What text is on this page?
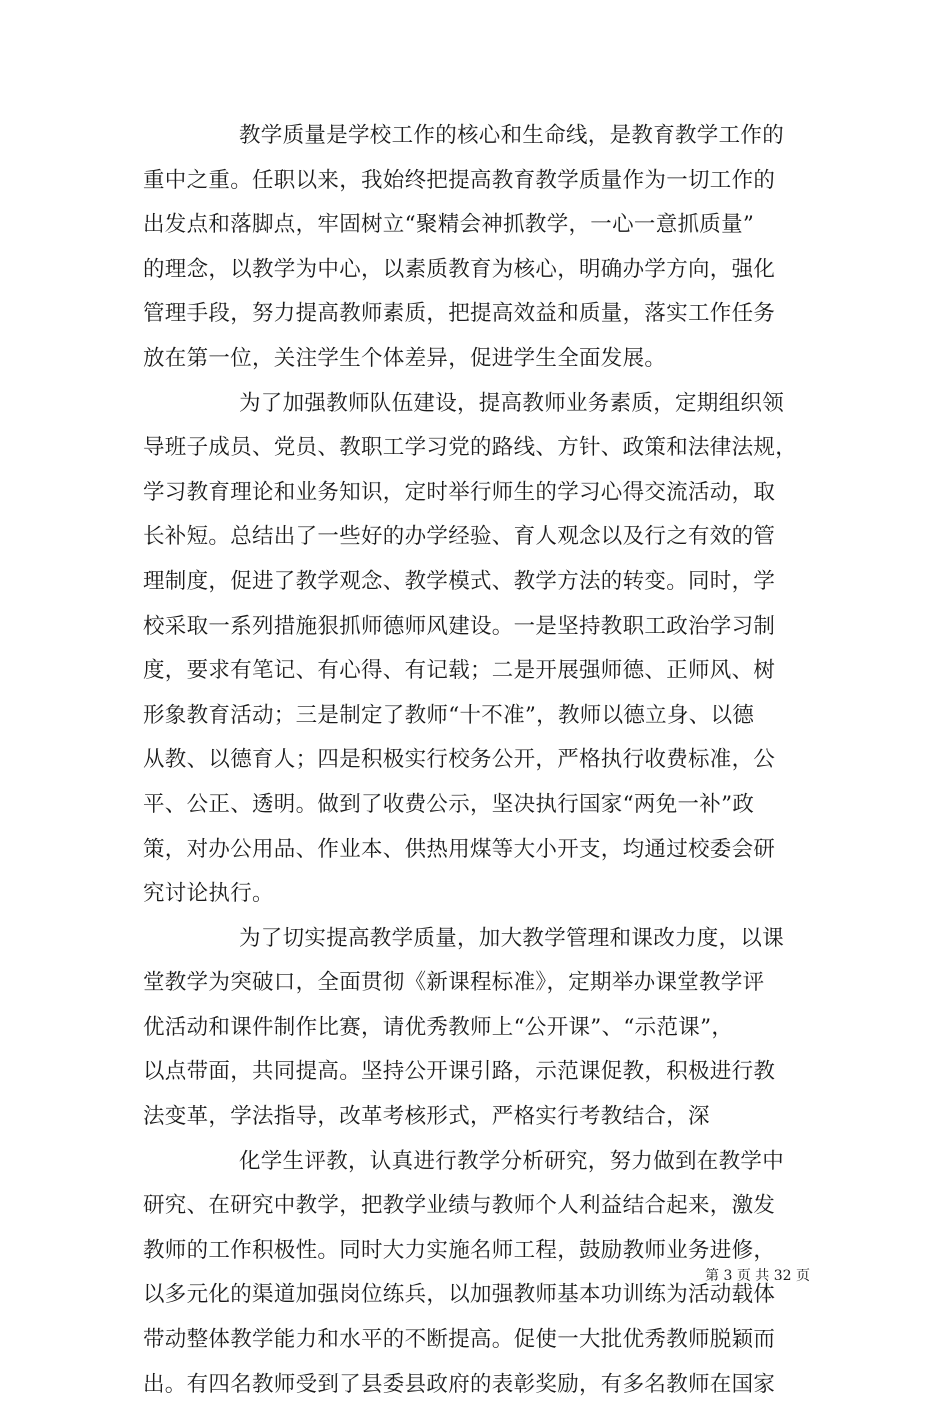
教学质量是学校工作的核心和生命线，是教育教学工作的
重中之重。任职以来，我始终把提高教育教学质量作为一切工作的
出发点和落脚点，牢固树立“聚精会神抓教学，一心一意抓质量”
的理念，以教学为中心，以素质教育为核心，明确办学方向，强化
管理手段，努力提高教师素质，把提高效益和质量，落实工作任务
放在第一位，关注学生个体差异，促进学生全面发展。
为了加强教师队伍建设，提高教师业务素质，定期组织领
导班子成员、党员、教职工学习党的路线、方针、政策和法律法规，
学习教育理论和业务知识，定时举行师生的学习心得交流活动，取
长补短。总结出了一些好的办学经验、育人观念以及行之有效的管
理制度，促进了教学观念、教学模式、教学方法的转变。同时，学
校采取一系列措施狠抓师德师风建设。一是坚持教职工政治学习制
度，要求有笔记、有心得、有记载；二是开展强师德、正师风、树
形象教育活动；三是制定了教师“十不准”，教师以德立身、以德
从教、以德育人；四是积极实行校务公开，严格执行收费标准，公
平、公正、透明。做到了收费公示，坚决执行国家“两免一补”政
策，对办公用品、作业本、供热用煤等大小开支，均通过校委会研
究讨论执行。
为了切实提高教学质量，加大教学管理和课改力度，以课
堂教学为突破口，全面贯彻《新课程标准》，定期举办课堂教学评
优活动和课件制作比赛，请优秀教师上“公开课”、“示范课”，
以点带面，共同提高。坚持公开课引路，示范课促教，积极进行教
法变革，学法指导，改革考核形式，严格实行考教结合，深
化学生评教，认真进行教学分析研究，努力做到在教学中
研究、在研究中教学，把教学业绩与教师个人利益结合起来，激发
教师的工作积极性。同时大力实施名师工程，鼓励教师业务进修，
以多元化的渠道加强岗位练兵，以加强教师基本功训练为活动载体
带动整体教学能力和水平的不断提高。促使一大批优秀教师脱颖而
出。有四名教师受到了县委县政府的表彰奖励，有多名教师在国家
第 3 页 共 32 页
